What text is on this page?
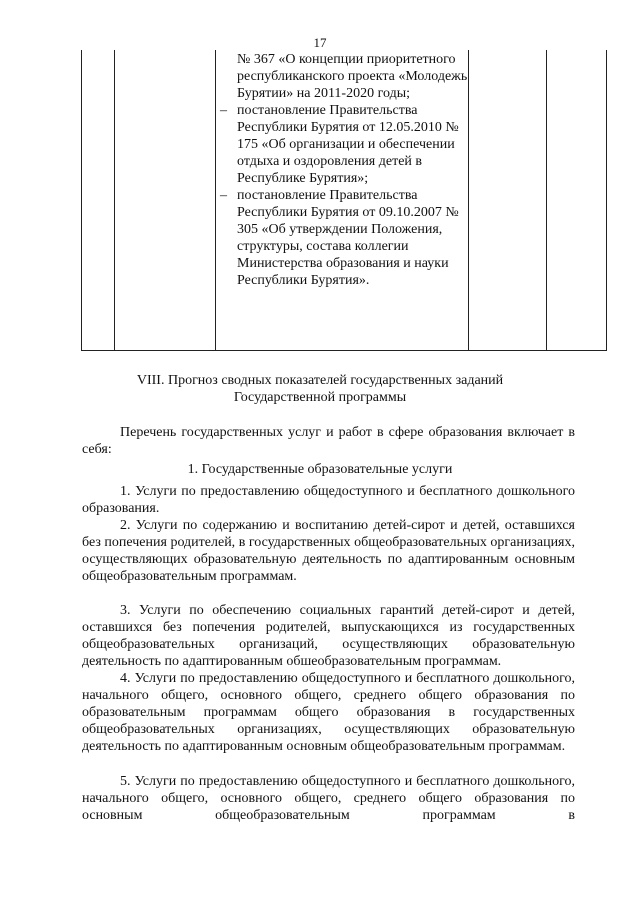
17
№ 367 «О концепции приоритетного республиканского проекта «Молодежь Бурятии» на 2011-2020 годы;
– постановление Правительства Республики Бурятия от 12.05.2010 № 175 «Об организации и обеспечении отдыха и оздоровления детей в Республике Бурятия»;
– постановление Правительства Республики Бурятия от 09.10.2007 № 305 «Об утверждении Положения, структуры, состава коллегии Министерства образования и науки Республики Бурятия».
VIII. Прогноз сводных показателей государственных заданий
Государственной программы
Перечень государственных услуг и работ в сфере образования включает в себя:
1. Государственные образовательные услуги
1. Услуги по предоставлению общедоступного и бесплатного дошкольного образования.
2. Услуги по содержанию и воспитанию детей-сирот и детей, оставшихся без попечения родителей, в государственных общеобразовательных организациях, осуществляющих образовательную деятельность по адаптированным основным общеобразовательным программам.
3. Услуги по обеспечению социальных гарантий детей-сирот и детей, оставшихся без попечения родителей, выпускающихся из государственных общеобразовательных организаций, осуществляющих образовательную деятельность по адаптированным обшеобразовательным программам.
4. Услуги по предоставлению общедоступного и бесплатного дошкольного, начального общего, основного общего, среднего общего образования по образовательным программам общего образования в государственных общеобразовательных организациях, осуществляющих образовательную деятельность по адаптированным основным общеобразовательным программам.
5. Услуги по предоставлению общедоступного и бесплатного дошкольного, начального общего, основного общего, среднего общего образования по основным общеобразовательным программам в
